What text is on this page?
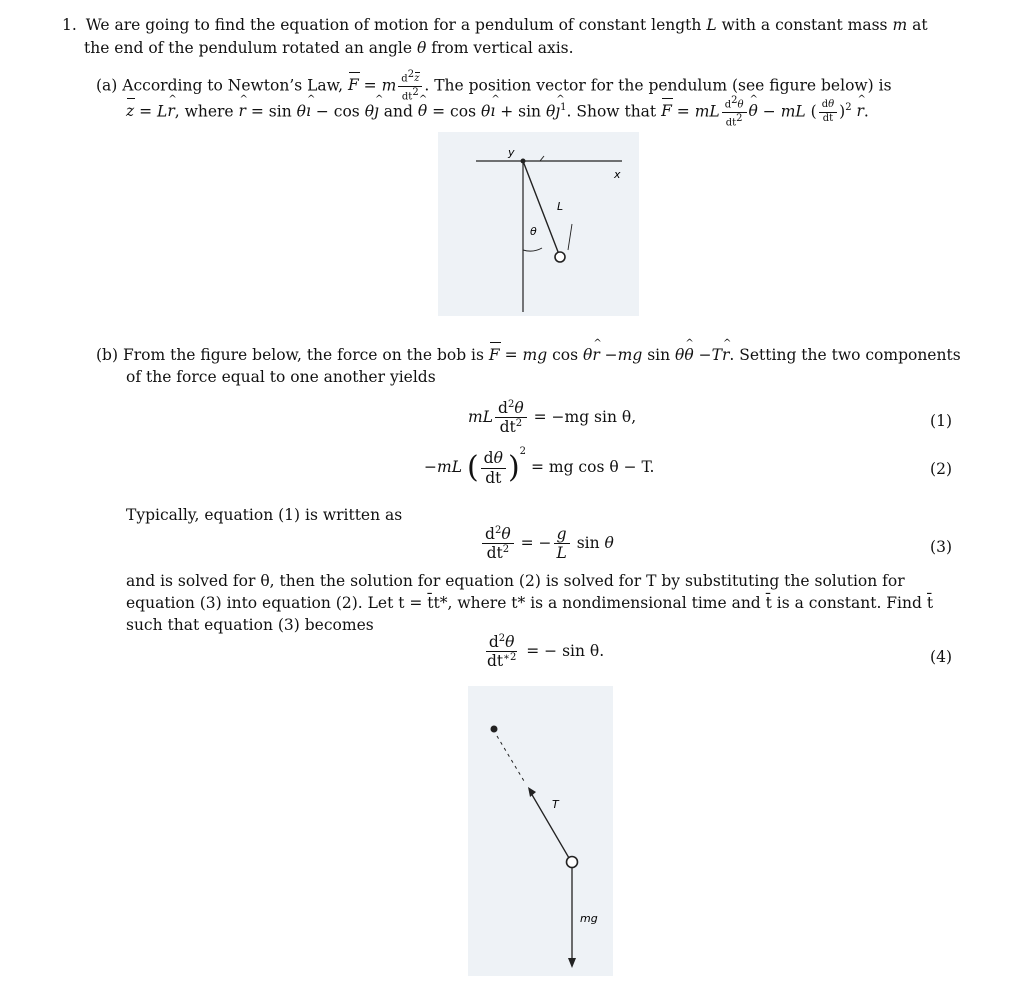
1. We are going to find the equation of motion for a pendulum of constant length L with a constant mass m at
the end of the pendulum rotated an angle θ from vertical axis.
(a) According to Newton’s Law, F = m $\frac{d2z}{dt2}$ . The position vector for the pendulum (see figure below) is
z = Lr ^, where r ^ = sin θı ^ − cos θȷ ^ and θ ^ = cos θı ^ + sin θȷ ^$^1$. Show that F = mL $\frac{d2\theta}{dt2}$ θ ^ − mL ( $\frac{d\theta}{dt} )^2$ r ^.
y
x
L
θ
(b) From the figure below, the force on the bob is F = mg cos θr ^ −mg sin θθ ^ −Tr ^. Setting the two components
of the force equal to one another yields
mL $\frac{d^2\theta}{dt^2} = -mg$ sin θ,	(1)
−mL ( $\frac{d\theta}{dt} )^2$ = mg cos θ − T.	(2)
Typically, equation (1) is written as
$\frac{d^2\theta}{dt^2}$ = − $\frac{g}{L}$ sin θ	(3)
and is solved for θ, then the solution for equation (2) is solved for T by substituting the solution for
equation (3) into equation (2). Let t = t̄t*, where t* is a nondimensional time and t̄ is a constant. Find t̄
such that equation (3) becomes
$\frac{d^2\theta}{dt^{∗2}}$ = − sin θ.	(4)
T
mg
